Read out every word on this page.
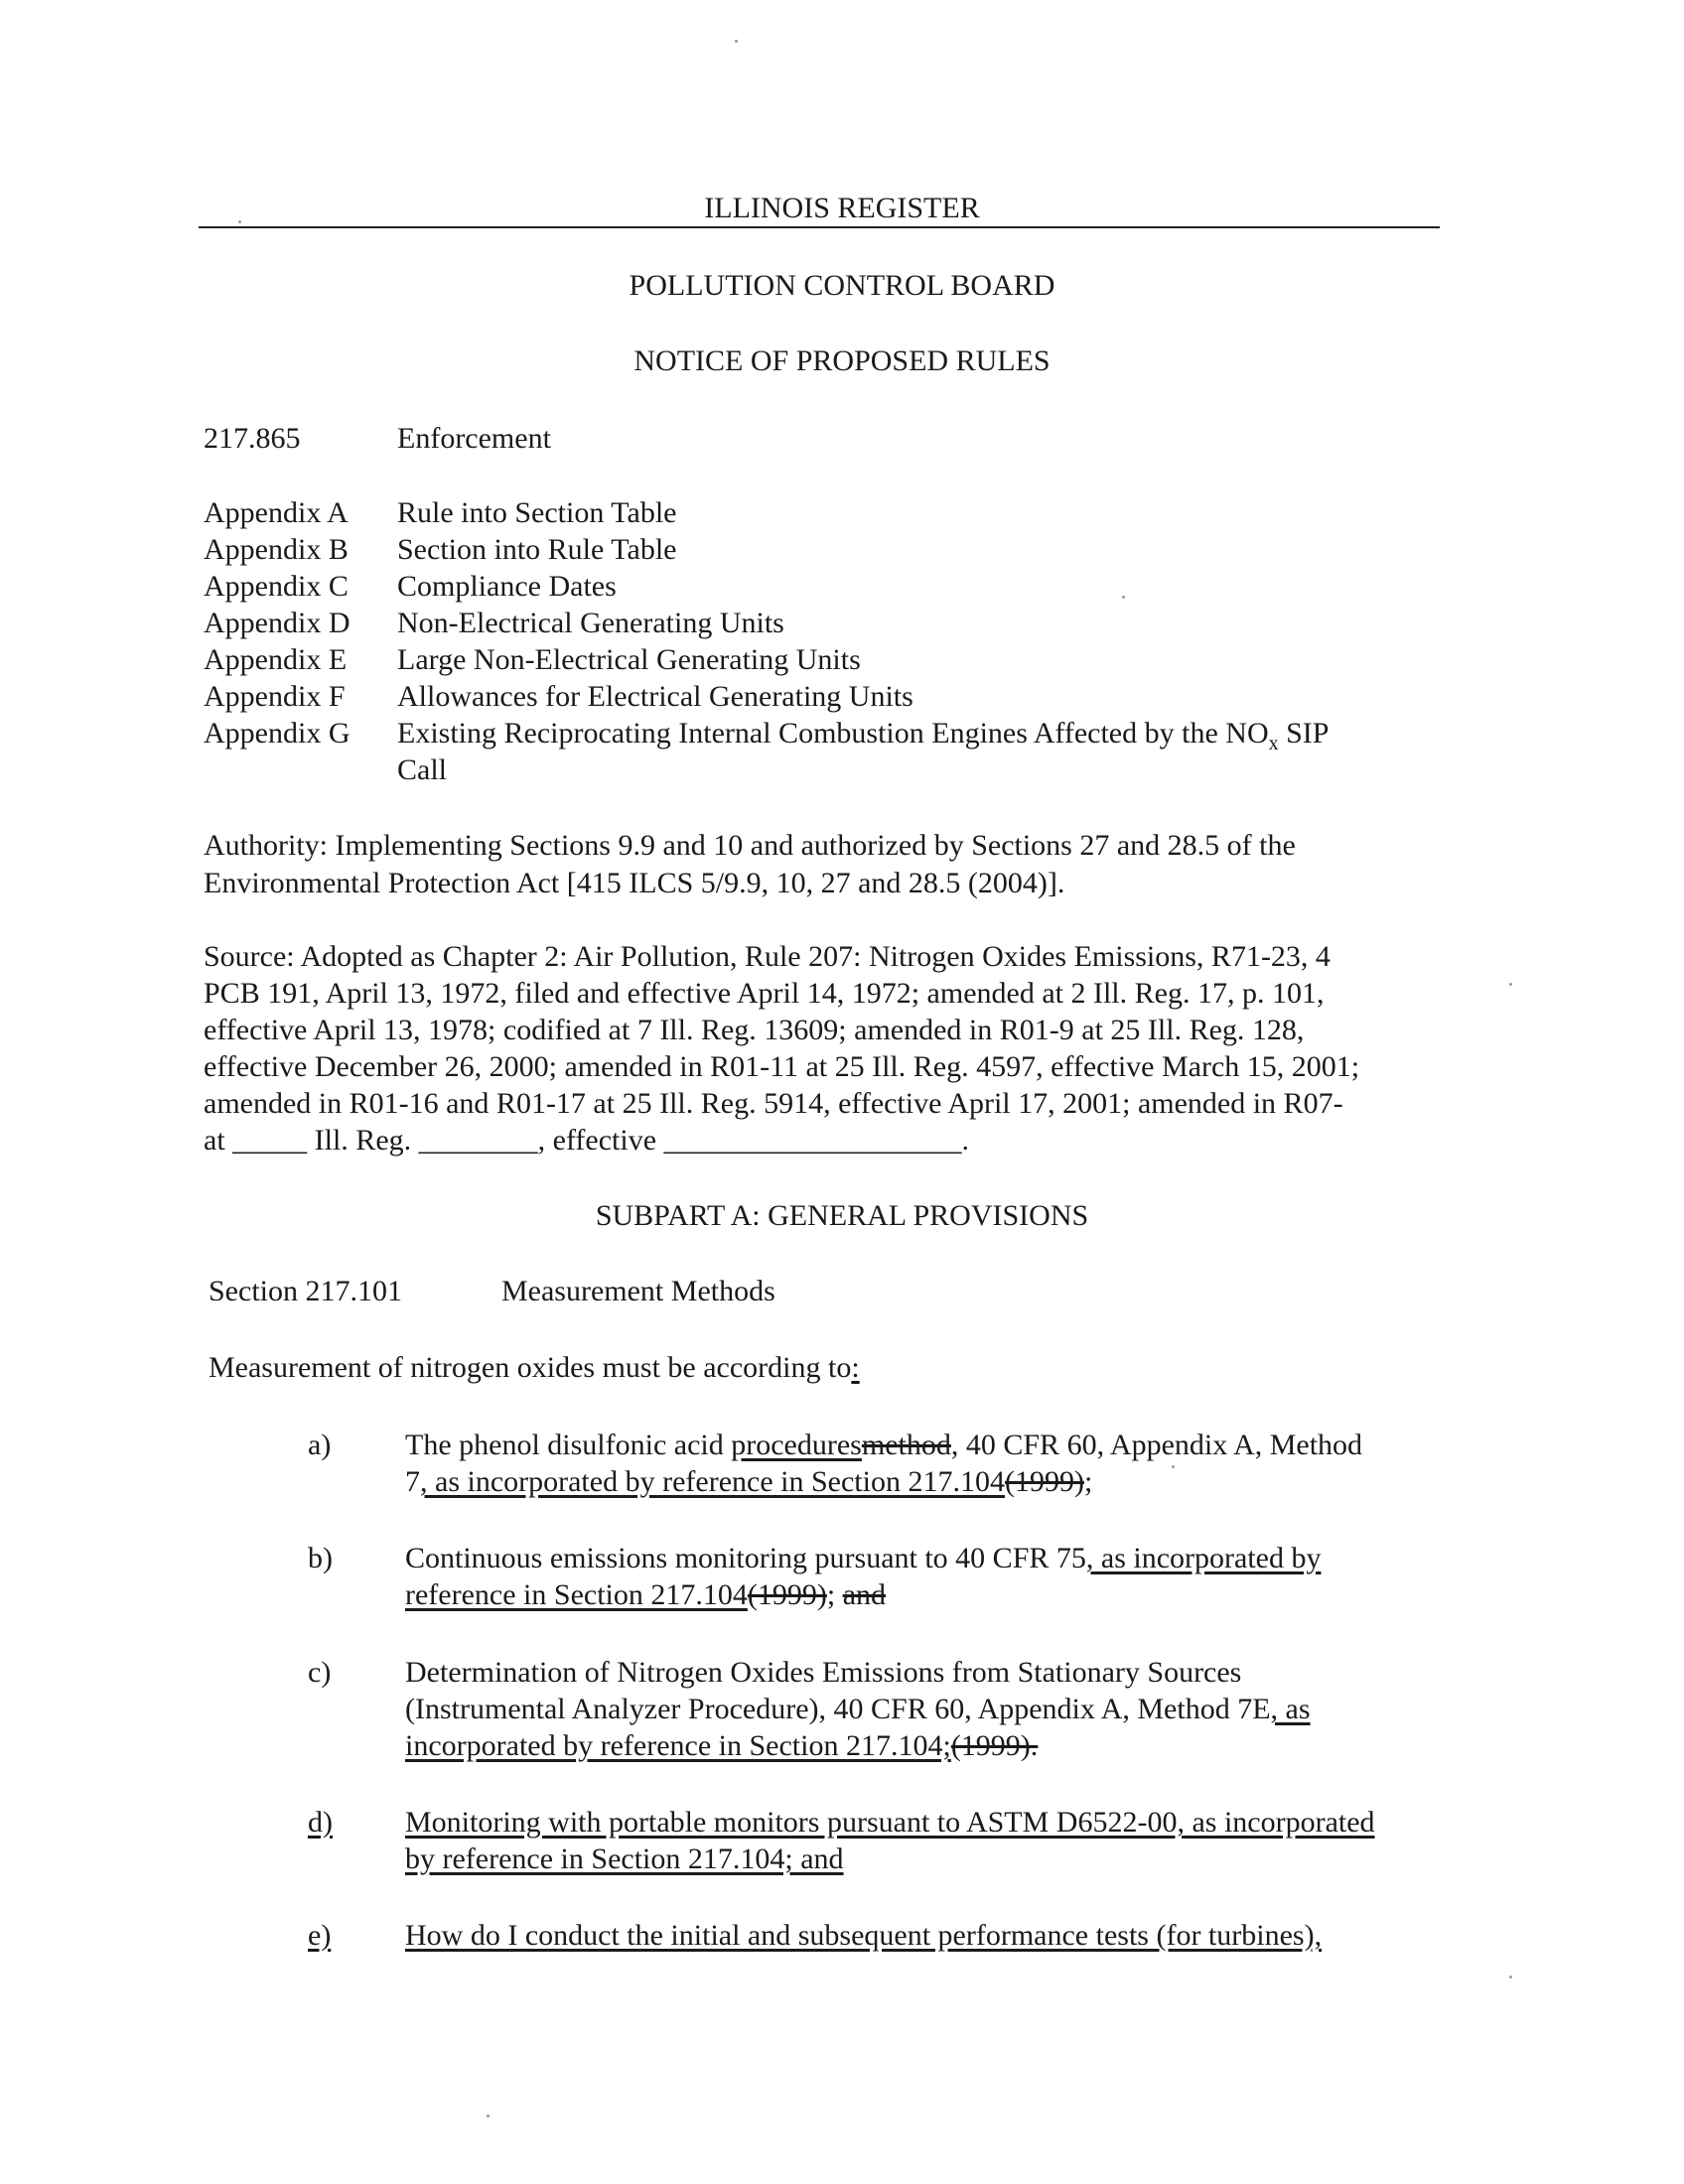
ILLINOIS REGISTER
POLLUTION CONTROL BOARD
NOTICE OF PROPOSED RULES
217.865	Enforcement
Appendix A Rule into Section Table
Appendix B Section into Rule Table
Appendix C Compliance Dates
Appendix D Non-Electrical Generating Units
Appendix E Large Non-Electrical Generating Units
Appendix F Allowances for Electrical Generating Units
Appendix G Existing Reciprocating Internal Combustion Engines Affected by the $NO_x$ SIP
Call
Authority: Implementing Sections 9.9 and 10 and authorized by Sections 27 and 28.5 of the
Environmental Protection Act [415 ILCS 5/9.9, 10, 27 and 28.5 (2004)].
Source: Adopted as Chapter 2: Air Pollution, Rule 207: Nitrogen Oxides Emissions, R71-23, 4
PCB 191, April 13, 1972, filed and effective April 14, 1972; amended at 2 Ill. Reg. 17, p. 101,
effective April 13, 1978; codified at 7 Ill. Reg. 13609; amended in R01-9 at 25 Ill. Reg. 128,
effective December 26, 2000; amended in R01-11 at 25 Ill. Reg. 4597, effective March 15, 2001;
amended in R01-16 and R01-17 at 25 Ill. Reg. 5914, effective April 17, 2001; amended in R07-
at _____ Ill. Reg. ________, effective ____________________.
SUBPART A: GENERAL PROVISIONS
Section 217.101	Measurement Methods
Measurement of nitrogen oxides must be according to:
a) The phenol disulfonic acid proceduresmethod, 40 CFR 60, Appendix A, Method
7, as incorporated by reference in Section 217.104(1999);
b) Continuous emissions monitoring pursuant to 40 CFR 75, as incorporated by
reference in Section 217.104(1999); and
c) Determination of Nitrogen Oxides Emissions from Stationary Sources
(Instrumental Analyzer Procedure), 40 CFR 60, Appendix A, Method 7E, as
incorporated by reference in Section 217.104;(1999).
d)	Monitoring with portable monitors pursuant to ASTM D6522-00, as incorporated
by reference in Section 217.104; and
e)	How do I conduct the initial and subsequent performance tests (for turbines),
